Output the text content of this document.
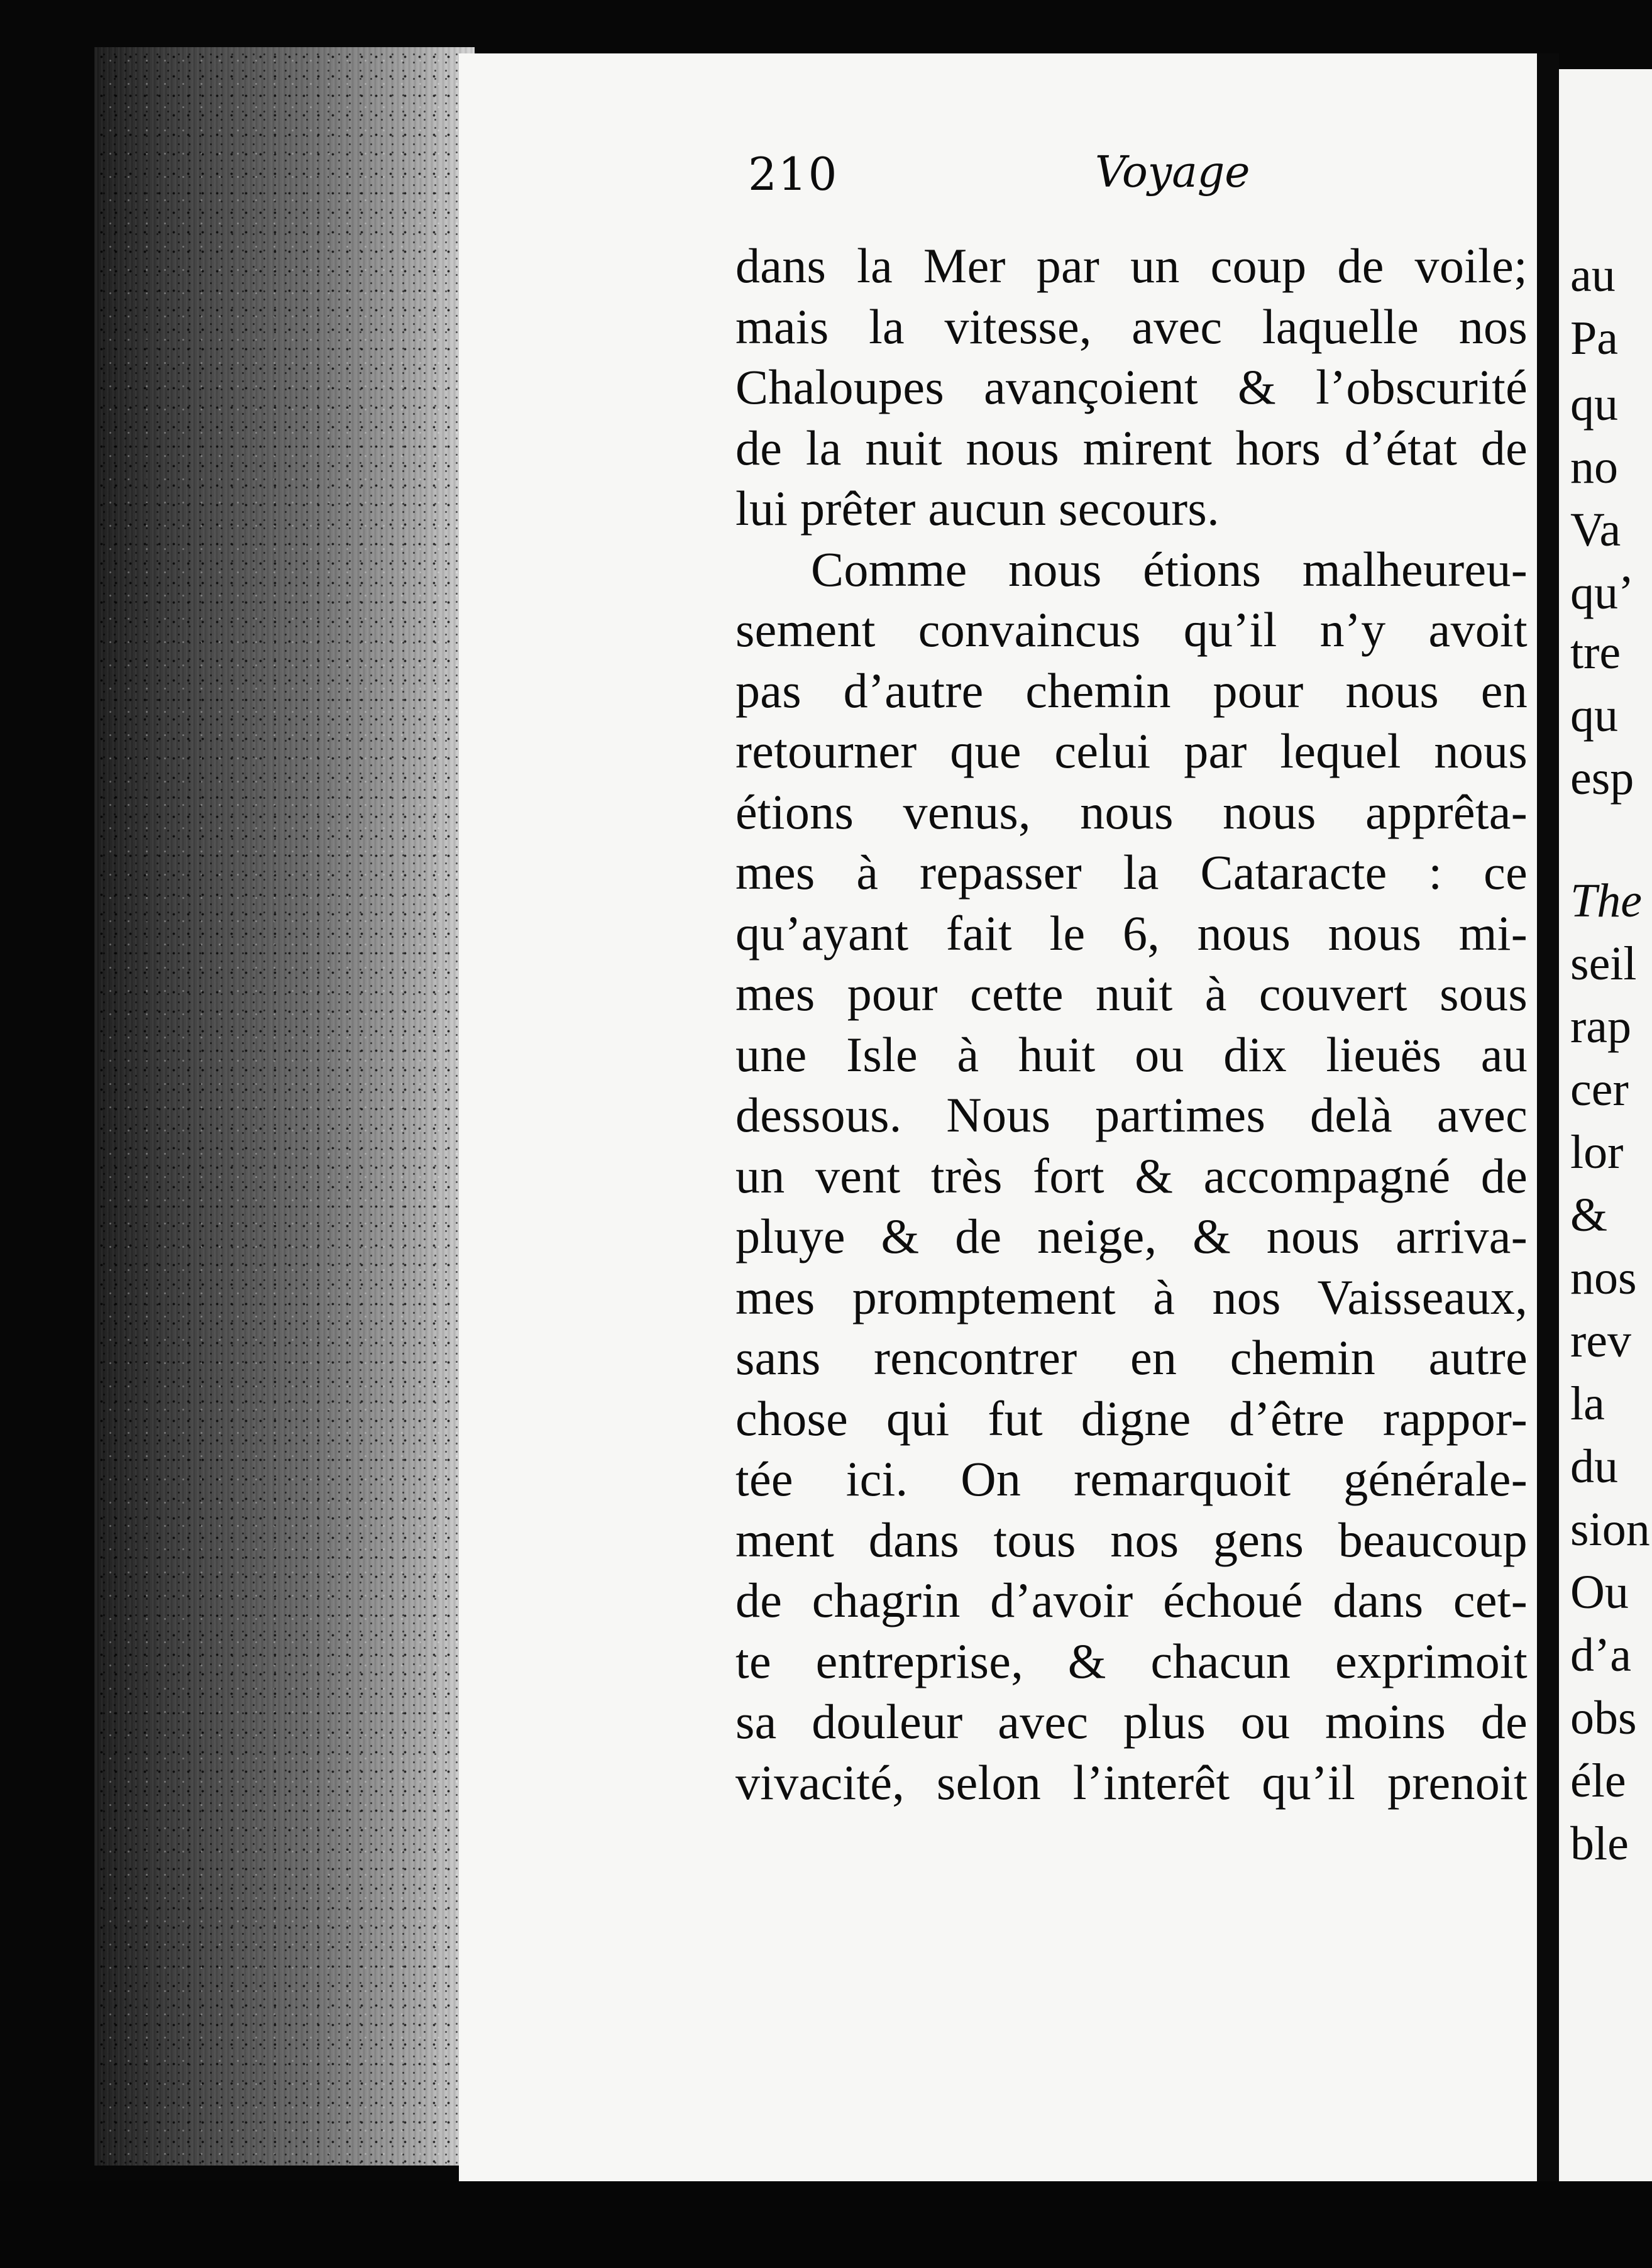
210	Voyage
dans la Mer par un coup de voile;
mais la vitesse, avec laquelle nos
Chaloupes avançoient & l’obscurité
de la nuit nous mirent hors d’état de
lui prêter aucun secours.
Comme nous étions malheureu-
sement convaincus qu’il n’y avoit
pas d’autre chemin pour nous en
retourner que celui par lequel nous
étions venus, nous nous apprêta-
mes à repasser la Cataracte : ce
qu’ayant fait le 6, nous nous mi-
mes pour cette nuit à couvert sous
une Isle à huit ou dix lieuës au
dessous. Nous partimes delà avec
un vent très fort & accompagné de
pluye & de neige, & nous arriva-
mes promptement à nos Vaisseaux,
sans rencontrer en chemin autre
chose qui fut digne d’être rappor-
tée ici. On remarquoit générale-
ment dans tous nos gens beaucoup
de chagrin d’avoir échoué dans cet-
te entreprise, & chacun exprimoit
sa douleur avec plus ou moins de
vivacité, selon l’interêt qu’il prenoit
au
Pa
qu
no
Va
qu’
tre
qu
esp
The
seil
rap
cer
lor
&
nos
rev
la
du
sion
Ou
d’a
obs
éle
ble
